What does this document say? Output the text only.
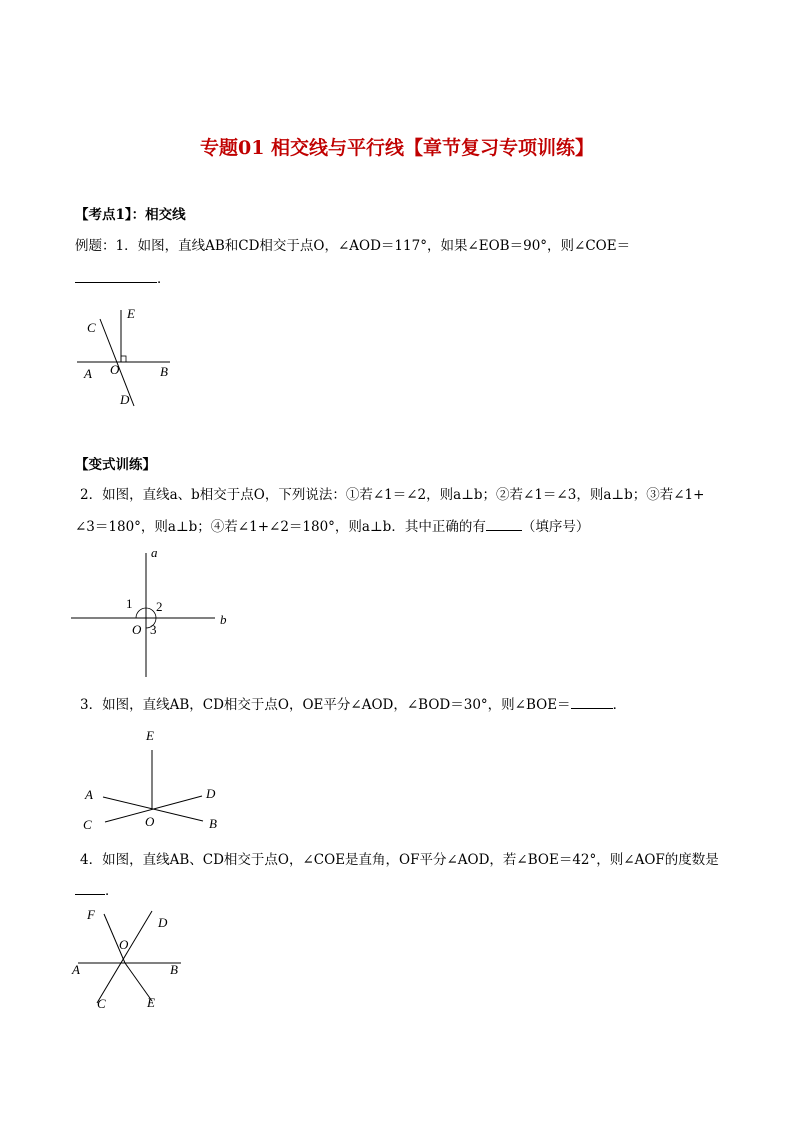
专题01 相交线与平行线【章节复习专项训练】
【考点1】：相交线
例题：1．如图，直线AB和CD相交于点O，∠AOD＝117°，如果∠EOB＝90°，则∠COE＝
．
C
E
A O	B
D
【变式训练】
2．如图，直线a、b相交于点O，下列说法：①若∠1＝∠2，则a⊥b；②若∠1＝∠3，则a⊥b；③若∠1+
∠3＝180°，则a⊥b；④若∠1+∠2＝180°，则a⊥b．其中正确的有	（填序号）
a
b
1 2
O 3
3．如图，直线AB，CD相交于点O，OE平分∠AOD，∠BOD＝30°，则∠BOE＝	．
E
A	D
C	O	B
4．如图，直线AB、CD相交于点O，∠COE是直角，OF平分∠AOD，若∠BOE＝42°，则∠AOF的度数是
．
F
D
O
A	B
C	E
